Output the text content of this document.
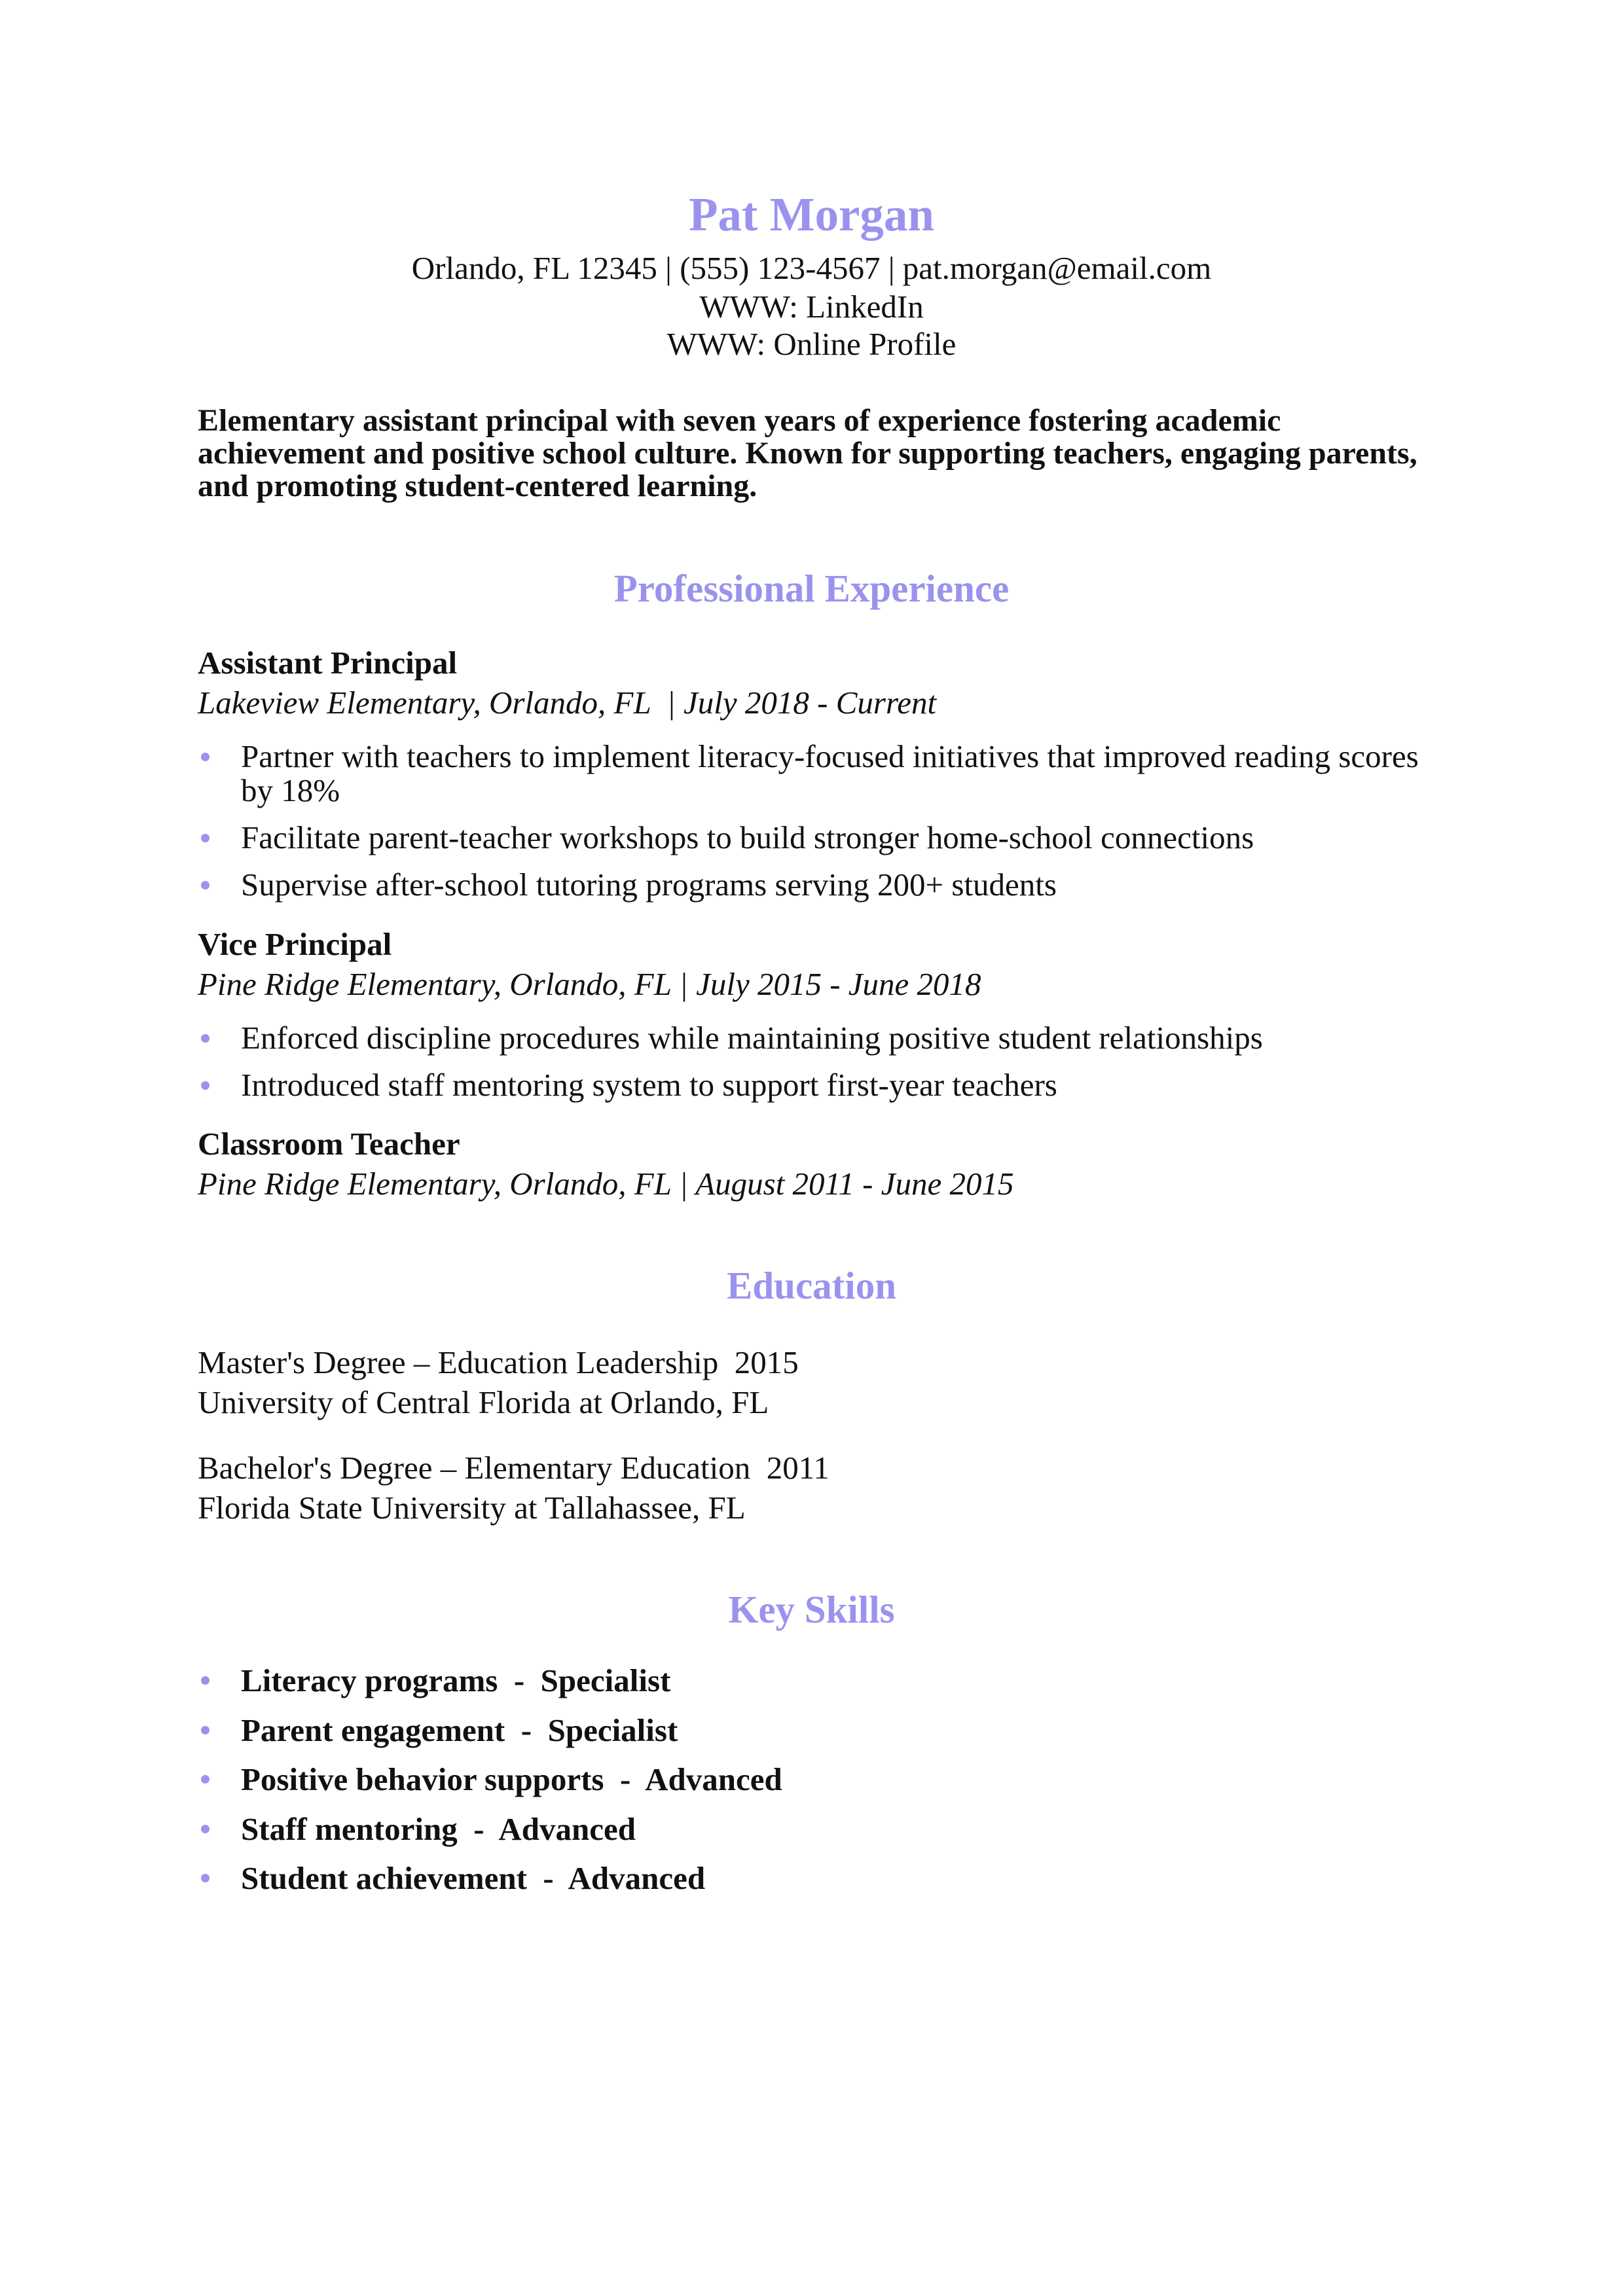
Pat Morgan
Orlando, FL 12345 | (555) 123-4567 | pat.morgan@email.com
WWW: LinkedIn
WWW: Online Profile

Elementary assistant principal with seven years of experience fostering academic achievement and positive school culture. Known for supporting teachers, engaging parents, and promoting student-centered learning.

Professional Experience
Assistant Principal
Lakeview Elementary, Orlando, FL  | July 2018 - Current
Partner with teachers to implement literacy-focused initiatives that improved reading scores by 18%
Facilitate parent-teacher workshops to build stronger home-school connections
Supervise after-school tutoring programs serving 200+ students
Vice Principal
Pine Ridge Elementary, Orlando, FL | July 2015 - June 2018
Enforced discipline procedures while maintaining positive student relationships
Introduced staff mentoring system to support first-year teachers
Classroom Teacher
Pine Ridge Elementary, Orlando, FL | August 2011 - June 2015
Education
Master's Degree – Education Leadership  2015
University of Central Florida at Orlando, FL
Bachelor's Degree – Elementary Education  2011
Florida State University at Tallahassee, FL
Key Skills
Literacy programs  -  Specialist
Parent engagement  -  Specialist
Positive behavior supports  -  Advanced
Staff mentoring  -  Advanced
Student achievement  -  Advanced
